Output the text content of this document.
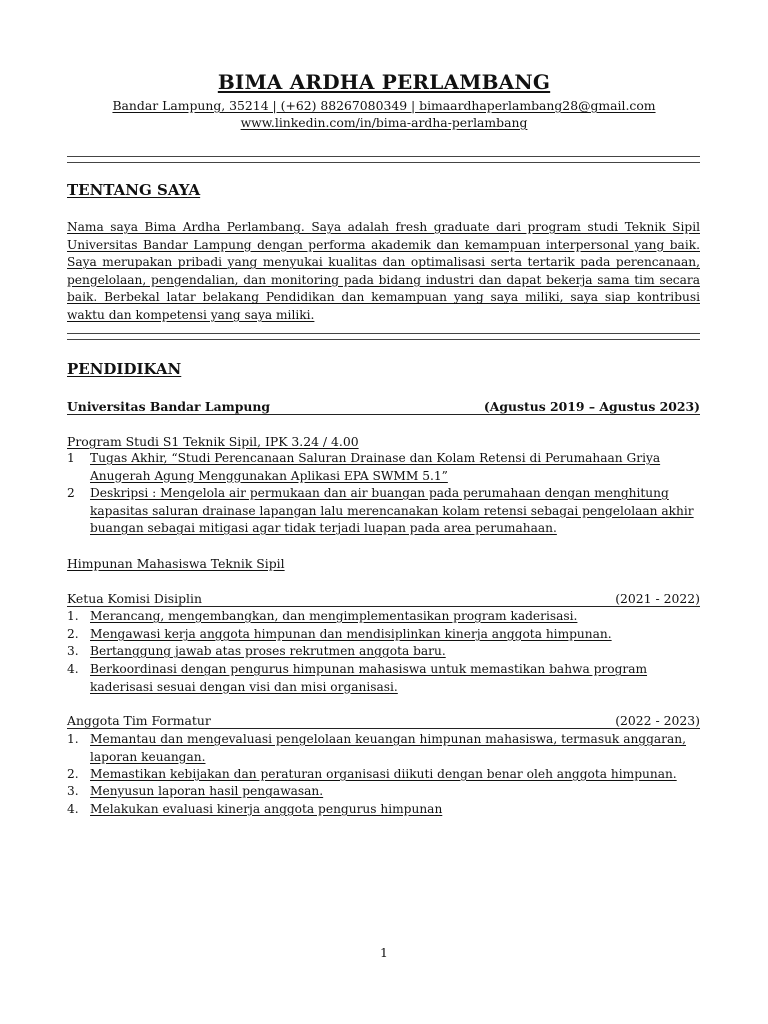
BIMA ARDHA PERLAMBANG
Bandar Lampung, 35214 | (+62) 88267080349 | bimaardhaperlambang28@gmail.com
www.linkedin.com/in/bima-ardha-perlambang
TENTANG SAYA
Nama saya Bima Ardha Perlambang. Saya adalah fresh graduate dari program studi Teknik Sipil Universitas Bandar Lampung dengan performa akademik dan kemampuan interpersonal yang baik. Saya merupakan pribadi yang menyukai kualitas dan optimalisasi serta tertarik pada perencanaan, pengelolaan, pengendalian, dan monitoring pada bidang industri dan dapat bekerja sama tim secara baik. Berbekal latar belakang Pendidikan dan kemampuan yang saya miliki, saya siap kontribusi waktu dan kompetensi yang saya miliki.
PENDIDIKAN
Universitas Bandar Lampung	(Agustus 2019 – Agustus 2023)
Program Studi S1 Teknik Sipil, IPK 3.24 / 4.00
1 Tugas Akhir, “Studi Perencanaan Saluran Drainase dan Kolam Retensi di Perumahaan Griya Anugerah Agung Menggunakan Aplikasi EPA SWMM 5.1”
2 Deskripsi : Mengelola air permukaan dan air buangan pada perumahaan dengan menghitung kapasitas saluran drainase lapangan lalu merencanakan kolam retensi sebagai pengelolaan akhir buangan sebagai mitigasi agar tidak terjadi luapan pada area perumahaan.
Himpunan Mahasiswa Teknik Sipil
Ketua Komisi Disiplin	(2021 - 2022)
1. Merancang, mengembangkan, dan mengimplementasikan program kaderisasi.
2. Mengawasi kerja anggota himpunan dan mendisiplinkan kinerja anggota himpunan.
3. Bertanggung jawab atas proses rekrutmen anggota baru.
4. Berkoordinasi dengan pengurus himpunan mahasiswa untuk memastikan bahwa program kaderisasi sesuai dengan visi dan misi organisasi.
Anggota Tim Formatur	(2022 - 2023)
1. Memantau dan mengevaluasi pengelolaan keuangan himpunan mahasiswa, termasuk anggaran, laporan keuangan.
2. Memastikan kebijakan dan peraturan organisasi diikuti dengan benar oleh anggota himpunan.
3. Menyusun laporan hasil pengawasan.
4. Melakukan evaluasi kinerja anggota pengurus himpunan
1
